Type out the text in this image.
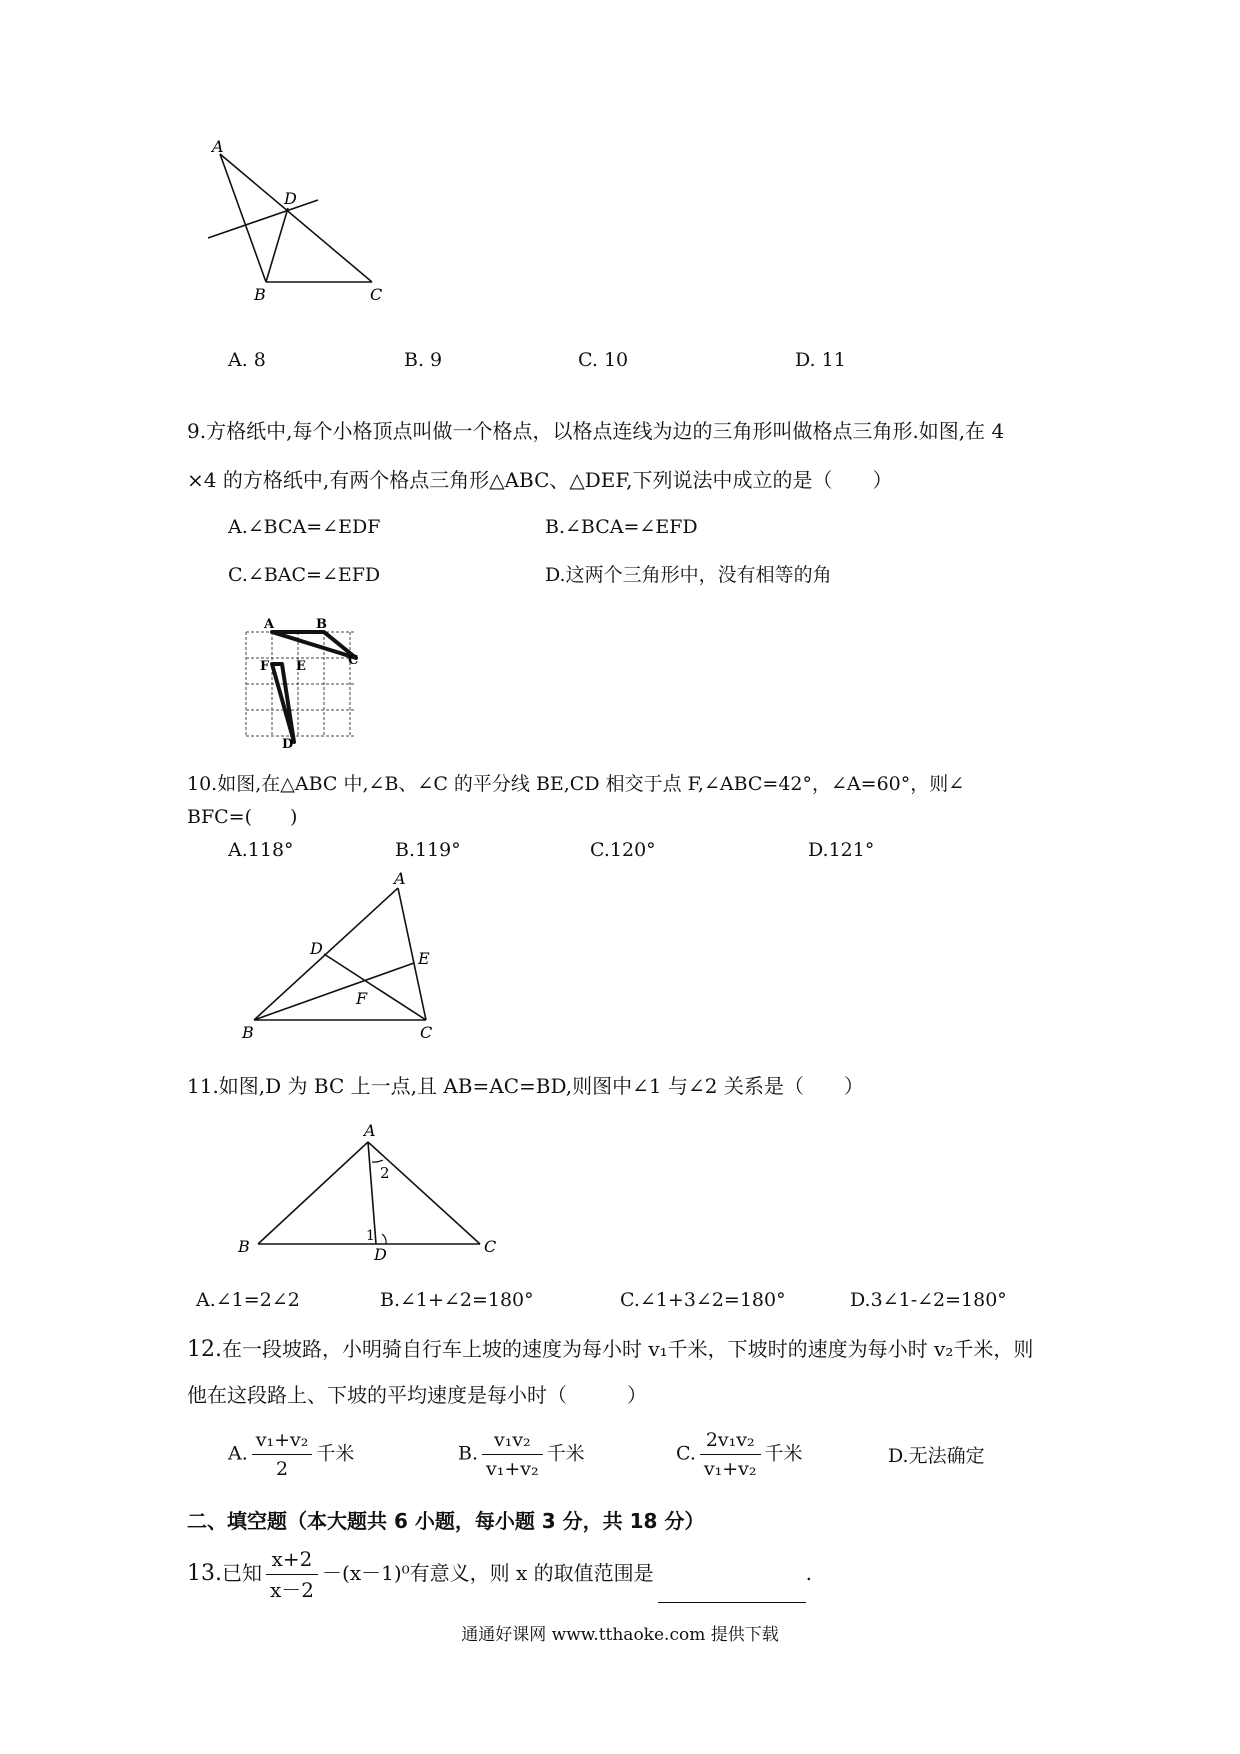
A
D
B	C
A. 8	B. 9	C. 10	D. 11
9.方格纸中,每个小格顶点叫做一个格点，以格点连线为边的三角形叫做格点三角形.如图,在 4
×4 的方格纸中,有两个格点三角形△ABC、△DEF,下列说法中成立的是（　　）
A.∠BCA=∠EDF	B.∠BCA=∠EFD
C.∠BAC=∠EFD	D.这两个三角形中，没有相等的角
A	B
C
F E
D
10.如图,在△ABC 中,∠B、∠C 的平分线 BE,CD 相交于点 F,∠ABC=42°，∠A=60°，则∠
BFC=(　　)
A.118°	B.119°	C.120°	D.121°
A
D
E
F
B	C
11.如图,D 为 BC 上一点,且 AB=AC=BD,则图中∠1 与∠2 关系是（　　）
A
2
1
B	D	C
A.∠1=2∠2	B.∠1+∠2=180°	C.∠1+3∠2=180°	D.3∠1-∠2=180°
12.在一段坡路，小明骑自行车上坡的速度为每小时 v₁千米，下坡时的速度为每小时 v₂千米，则
他在这段路上、下坡的平均速度是每小时（　　　）
A. $\frac{\text{v₁+v₂}}{2}$ 千米	B. $\frac{\text{v₁v₂}}{\text{v₁+v₂}}$ 千米	C. $\frac{\text{2v₁v₂}}{\text{v₁+v₂}}$ 千米	D.无法确定
二、填空题（本大题共 6 小题，每小题 3 分，共 18 分）
13.已知 $\frac{x+2}{x-2} -(x-1)^0$有意义，则 x 的取值范围是	.
通通好课网 www.tthaoke.com 提供下载
